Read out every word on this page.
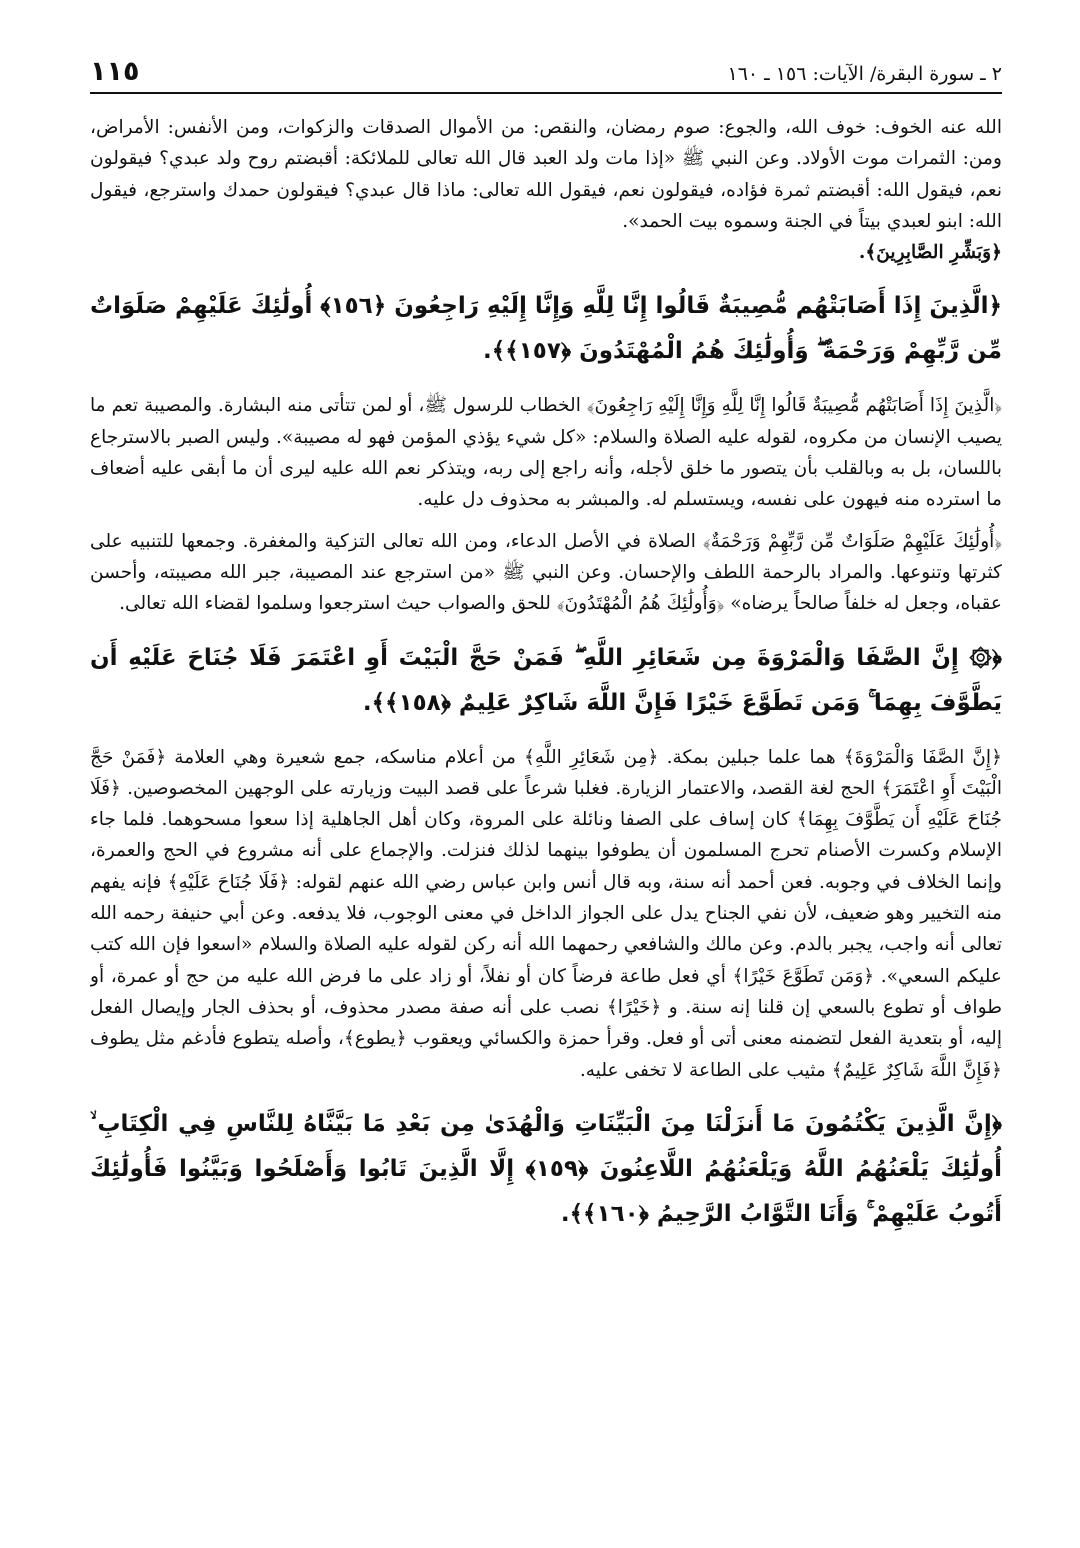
١١٥	٢ ـ سورة البقرة/ الآيات: ١٥٦ ـ ١٦٠

الله عنه الخوف: خوف الله، والجوع: صوم رمضان، والنقص: من الأموال الصدقات والزكوات، ومن الأنفس: الأمراض، ومن: الثمرات موت الأولاد. وعن النبي ﷺ «إذا مات ولد العبد قال الله تعالى للملائكة: أقبضتم روح ولد عبدي؟ فيقولون نعم، فيقول الله: أقبضتم ثمرة فؤاده، فيقولون نعم، فيقول الله تعالى: ماذا قال عبدي؟ فيقولون حمدك واسترجع، فيقول الله: ابنو لعبدي بيتاً في الجنة وسموه بيت الحمد».

﴿وَبَشِّرِ الصَّابِرِينَ﴾.

﴿الَّذِينَ إِذَا أَصَابَتْهُم مُّصِيبَةٌ قَالُوا إِنَّا لِلَّهِ وَإِنَّا إِلَيْهِ رَاجِعُونَ ﴿١٥٦﴾ أُولَٰئِكَ عَلَيْهِمْ صَلَوَاتٌ مِّن رَّبِّهِمْ وَرَحْمَةٌ ۖ وَأُولَٰئِكَ هُمُ الْمُهْتَدُونَ ﴿١٥٧﴾﴾.

﴿الَّذِينَ إِذَا أَصَابَتْهُم مُّصِيبَةٌ قَالُوا إِنَّا لِلَّهِ وَإِنَّا إِلَيْهِ رَاجِعُونَ﴾ الخطاب للرسول ﷺ، أو لمن تتأتى منه البشارة. والمصيبة تعم ما يصيب الإنسان من مكروه، لقوله عليه الصلاة والسلام: «كل شيء يؤذي المؤمن فهو له مصيبة». وليس الصبر بالاسترجاع باللسان، بل به وبالقلب بأن يتصور ما خلق لأجله، وأنه راجع إلى ربه، ويتذكر نعم الله عليه ليرى أن ما أبقى عليه أضعاف ما استرده منه فيهون على نفسه، ويستسلم له. والمبشر به محذوف دل عليه.

﴿أُولَٰئِكَ عَلَيْهِمْ صَلَوَاتٌ مِّن رَّبِّهِمْ وَرَحْمَةٌ﴾ الصلاة في الأصل الدعاء، ومن الله تعالى التزكية والمغفرة. وجمعها للتنبيه على كثرتها وتنوعها. والمراد بالرحمة اللطف والإحسان. وعن النبي ﷺ «من استرجع عند المصيبة، جبر الله مصيبته، وأحسن عقباه، وجعل له خلفاً صالحاً يرضاه» ﴿وَأُولَٰئِكَ هُمُ الْمُهْتَدُونَ﴾ للحق والصواب حيث استرجعوا وسلموا لقضاء الله تعالى.

﴿۞ إِنَّ الصَّفَا وَالْمَرْوَةَ مِن شَعَائِرِ اللَّهِ ۖ فَمَنْ حَجَّ الْبَيْتَ أَوِ اعْتَمَرَ فَلَا جُنَاحَ عَلَيْهِ أَن يَطَّوَّفَ بِهِمَا ۚ وَمَن تَطَوَّعَ خَيْرًا فَإِنَّ اللَّهَ شَاكِرٌ عَلِيمٌ ﴿١٥٨﴾﴾.

﴿إِنَّ الصَّفَا وَالْمَرْوَةَ﴾ هما علما جبلين بمكة. ﴿مِن شَعَائِرِ اللَّهِ﴾ من أعلام مناسكه، جمع شعيرة وهي العلامة ﴿فَمَنْ حَجَّ الْبَيْتَ أَوِ اعْتَمَرَ﴾ الحج لغة القصد، والاعتمار الزيارة. فغلبا شرعاً على قصد البيت وزيارته على الوجهين المخصوصين. ﴿فَلَا جُنَاحَ عَلَيْهِ أَن يَطَّوَّفَ بِهِمَا﴾ كان إساف على الصفا ونائلة على المروة، وكان أهل الجاهلية إذا سعوا مسحوهما. فلما جاء الإسلام وكسرت الأصنام تحرج المسلمون أن يطوفوا بينهما لذلك فنزلت. والإجماع على أنه مشروع في الحج والعمرة، وإنما الخلاف في وجوبه. فعن أحمد أنه سنة، وبه قال أنس وابن عباس رضي الله عنهم لقوله: ﴿فَلَا جُنَاحَ عَلَيْهِ﴾ فإنه يفهم منه التخيير وهو ضعيف، لأن نفي الجناح يدل على الجواز الداخل في معنى الوجوب، فلا يدفعه. وعن أبي حنيفة رحمه الله تعالى أنه واجب، يجبر بالدم. وعن مالك والشافعي رحمهما الله أنه ركن لقوله عليه الصلاة والسلام «اسعوا فإن الله كتب عليكم السعي». ﴿وَمَن تَطَوَّعَ خَيْرًا﴾ أي فعل طاعة فرضاً كان أو نفلاً، أو زاد على ما فرض الله عليه من حج أو عمرة، أو طواف أو تطوع بالسعي إن قلنا إنه سنة. و ﴿خَيْرًا﴾ نصب على أنه صفة مصدر محذوف، أو بحذف الجار وإيصال الفعل إليه، أو بتعدية الفعل لتضمنه معنى أتى أو فعل. وقرأ حمزة والكسائي ويعقوب ﴿يطوع﴾، وأصله يتطوع فأدغم مثل يطوف ﴿فَإِنَّ اللَّهَ شَاكِرٌ عَلِيمٌ﴾ مثيب على الطاعة لا تخفى عليه.

﴿إِنَّ الَّذِينَ يَكْتُمُونَ مَا أَنزَلْنَا مِنَ الْبَيِّنَاتِ وَالْهُدَىٰ مِن بَعْدِ مَا بَيَّنَّاهُ لِلنَّاسِ فِي الْكِتَابِ ۙ أُولَٰئِكَ يَلْعَنُهُمُ اللَّهُ وَيَلْعَنُهُمُ اللَّاعِنُونَ ﴿١٥٩﴾ إِلَّا الَّذِينَ تَابُوا وَأَصْلَحُوا وَبَيَّنُوا فَأُولَٰئِكَ أَتُوبُ عَلَيْهِمْ ۚ وَأَنَا التَّوَّابُ الرَّحِيمُ ﴿١٦٠﴾﴾.
